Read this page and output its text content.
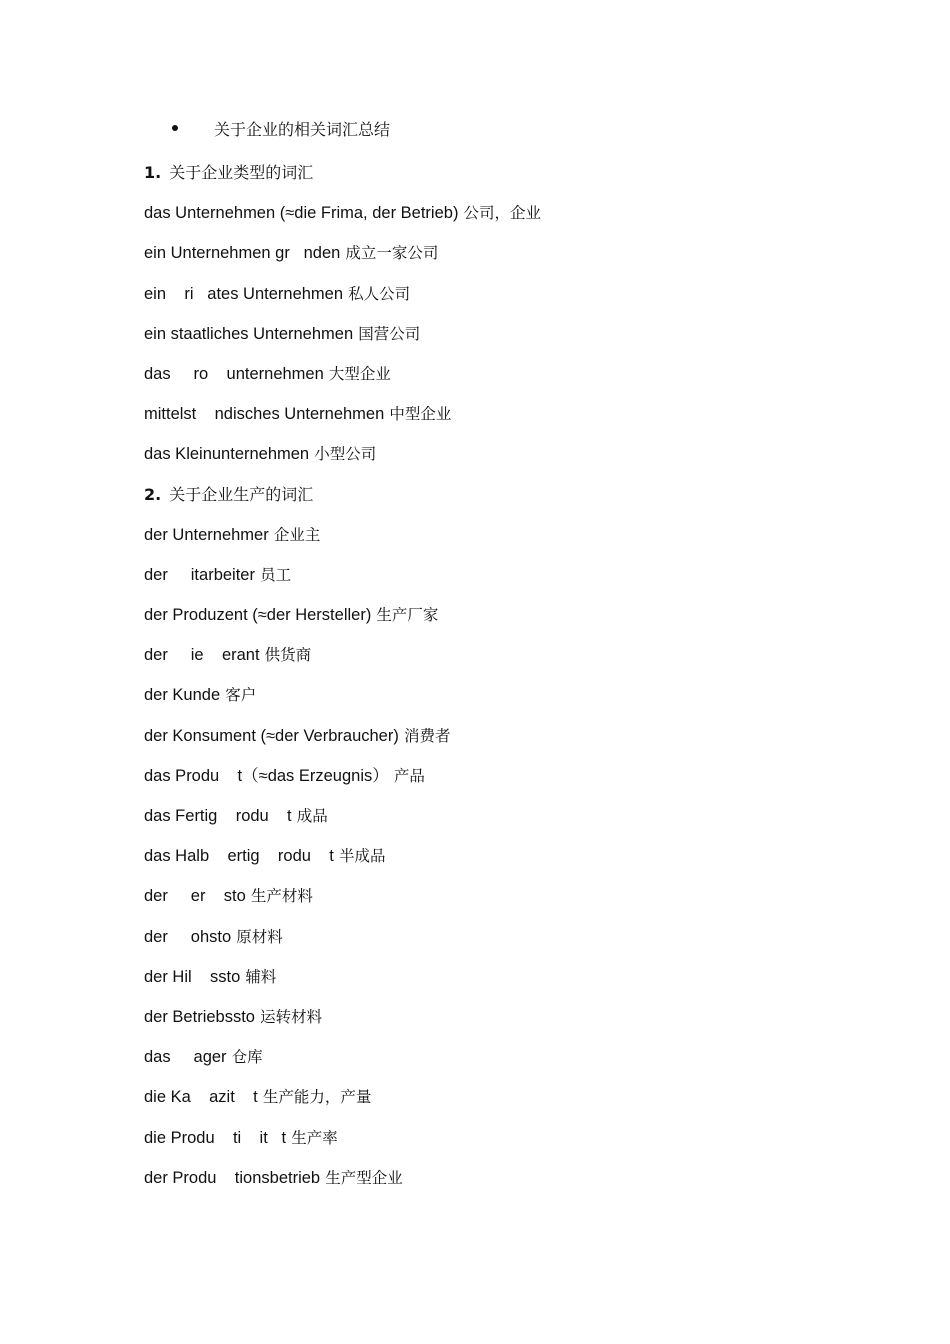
关于企业的相关词汇总结
1. 关于企业类型的词汇
das Unternehmen (≈die Frima, der Betrieb) 公司，企业
ein Unternehmen gr   nden 成立一家公司
ein    ri   ates Unternehmen 私人公司
ein staatliches Unternehmen 国营公司
das     ro    unternehmen 大型企业
mittelst    ndisches Unternehmen 中型企业
das Kleinunternehmen 小型公司
2. 关于企业生产的词汇
der Unternehmer 企业主
der     itarbeiter 员工
der Produzent (≈der Hersteller) 生产厂家
der     ie    erant 供货商
der Kunde 客户
der Konsument (≈der Verbraucher) 消费者
das Produ    t（≈das Erzeugnis） 产品
das Fertig    rodu    t 成品
das Halb    ertig    rodu    t 半成品
der     er    sto 生产材料
der     ohsto 原材料
der Hil    ssto 辅料
der Betriebssto 运转材料
das     ager 仓库
die Ka    azit    t 生产能力，产量
die Produ    ti    it   t 生产率
der Produ    tionsbetrieb 生产型企业
